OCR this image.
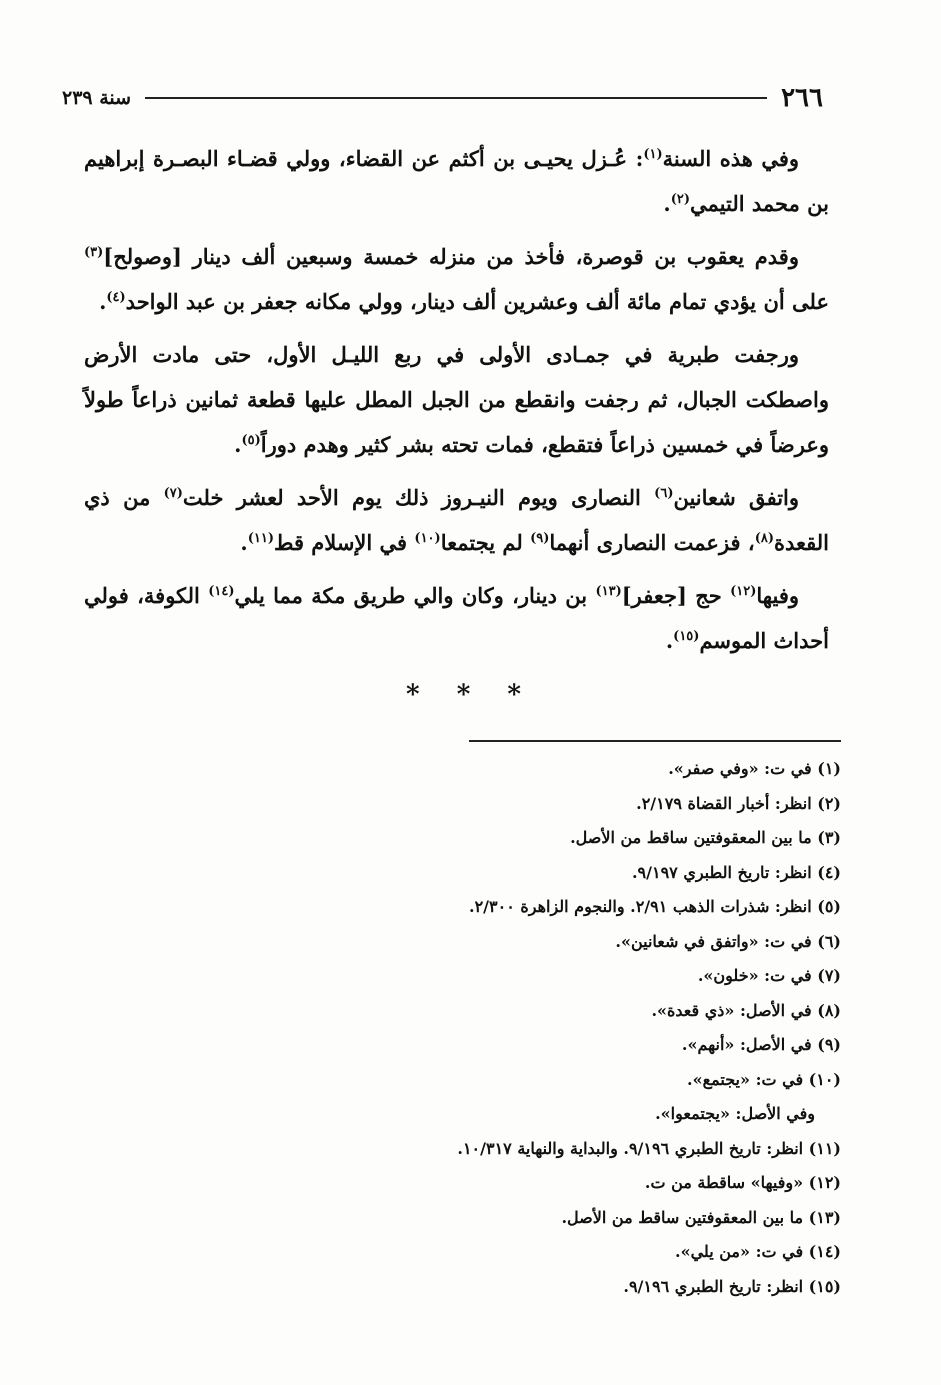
٢٦٦
سنة ٢٣٩

وفي هذه السنة$^{(١)}$: عُـزل يحيـى بن أكثم عن القضاء، وولي قضـاء البصـرة إبراهيم بن محمد التيمي$^{(٢)}$.

وقدم يعقوب بن قوصرة، فأخذ من منزله خمسة وسبعين ألف دينار [وصولح]$^{(٣)}$ على أن يؤدي تمام مائة ألف وعشرين ألف دينار، وولي مكانه جعفر بن عبد الواحد$^{(٤)}$.

ورجفت طبرية في جمـادى الأولى في ربع الليـل الأول، حتى مادت الأرض واصطكت الجبال، ثم رجفت وانقطع من الجبل المطل عليها قطعة ثمانين ذراعاً طولاً وعرضاً في خمسين ذراعاً فتقطع، فمات تحته بشر كثير وهدم دوراً$^{(٥)}$.

واتفق شعانين$^{(٦)}$ النصارى ويوم النيـروز ذلك يوم الأحد لعشر خلت$^{(٧)}$ من ذي القعدة$^{(٨)}$، فزعمت النصارى أنهما$^{(٩)}$ لم يجتمعا$^{(١٠)}$ في الإسلام قط$^{(١١)}$.

وفيها$^{(١٢)}$ حج [جعفر]$^{(١٣)}$ بن دينار، وكان والي طريق مكة مما يلي$^{(١٤)}$ الكوفة، فولي أحداث الموسم$^{(١٥)}$.

* * *
(١) في ت: «وفي صفر».
(٢) انظر: أخبار القضاة ٢/١٧٩.
(٣) ما بين المعقوفتين ساقط من الأصل.
(٤) انظر: تاريخ الطبري ٩/١٩٧.
(٥) انظر: شذرات الذهب ٢/٩١. والنجوم الزاهرة ٢/٣٠٠.
(٦) في ت: «واتفق في شعانين».
(٧) في ت: «خلون».
(٨) في الأصل: «ذي قعدة».
(٩) في الأصل: «أنهم».
(١٠) في ت: «يجتمع».
وفي الأصل: «يجتمعوا».
(١١) انظر: تاريخ الطبري ٩/١٩٦. والبداية والنهاية ١٠/٣١٧.
(١٢) «وفيها» ساقطة من ت.
(١٣) ما بين المعقوفتين ساقط من الأصل.
(١٤) في ت: «من يلي».
(١٥) انظر: تاريخ الطبري ٩/١٩٦.
